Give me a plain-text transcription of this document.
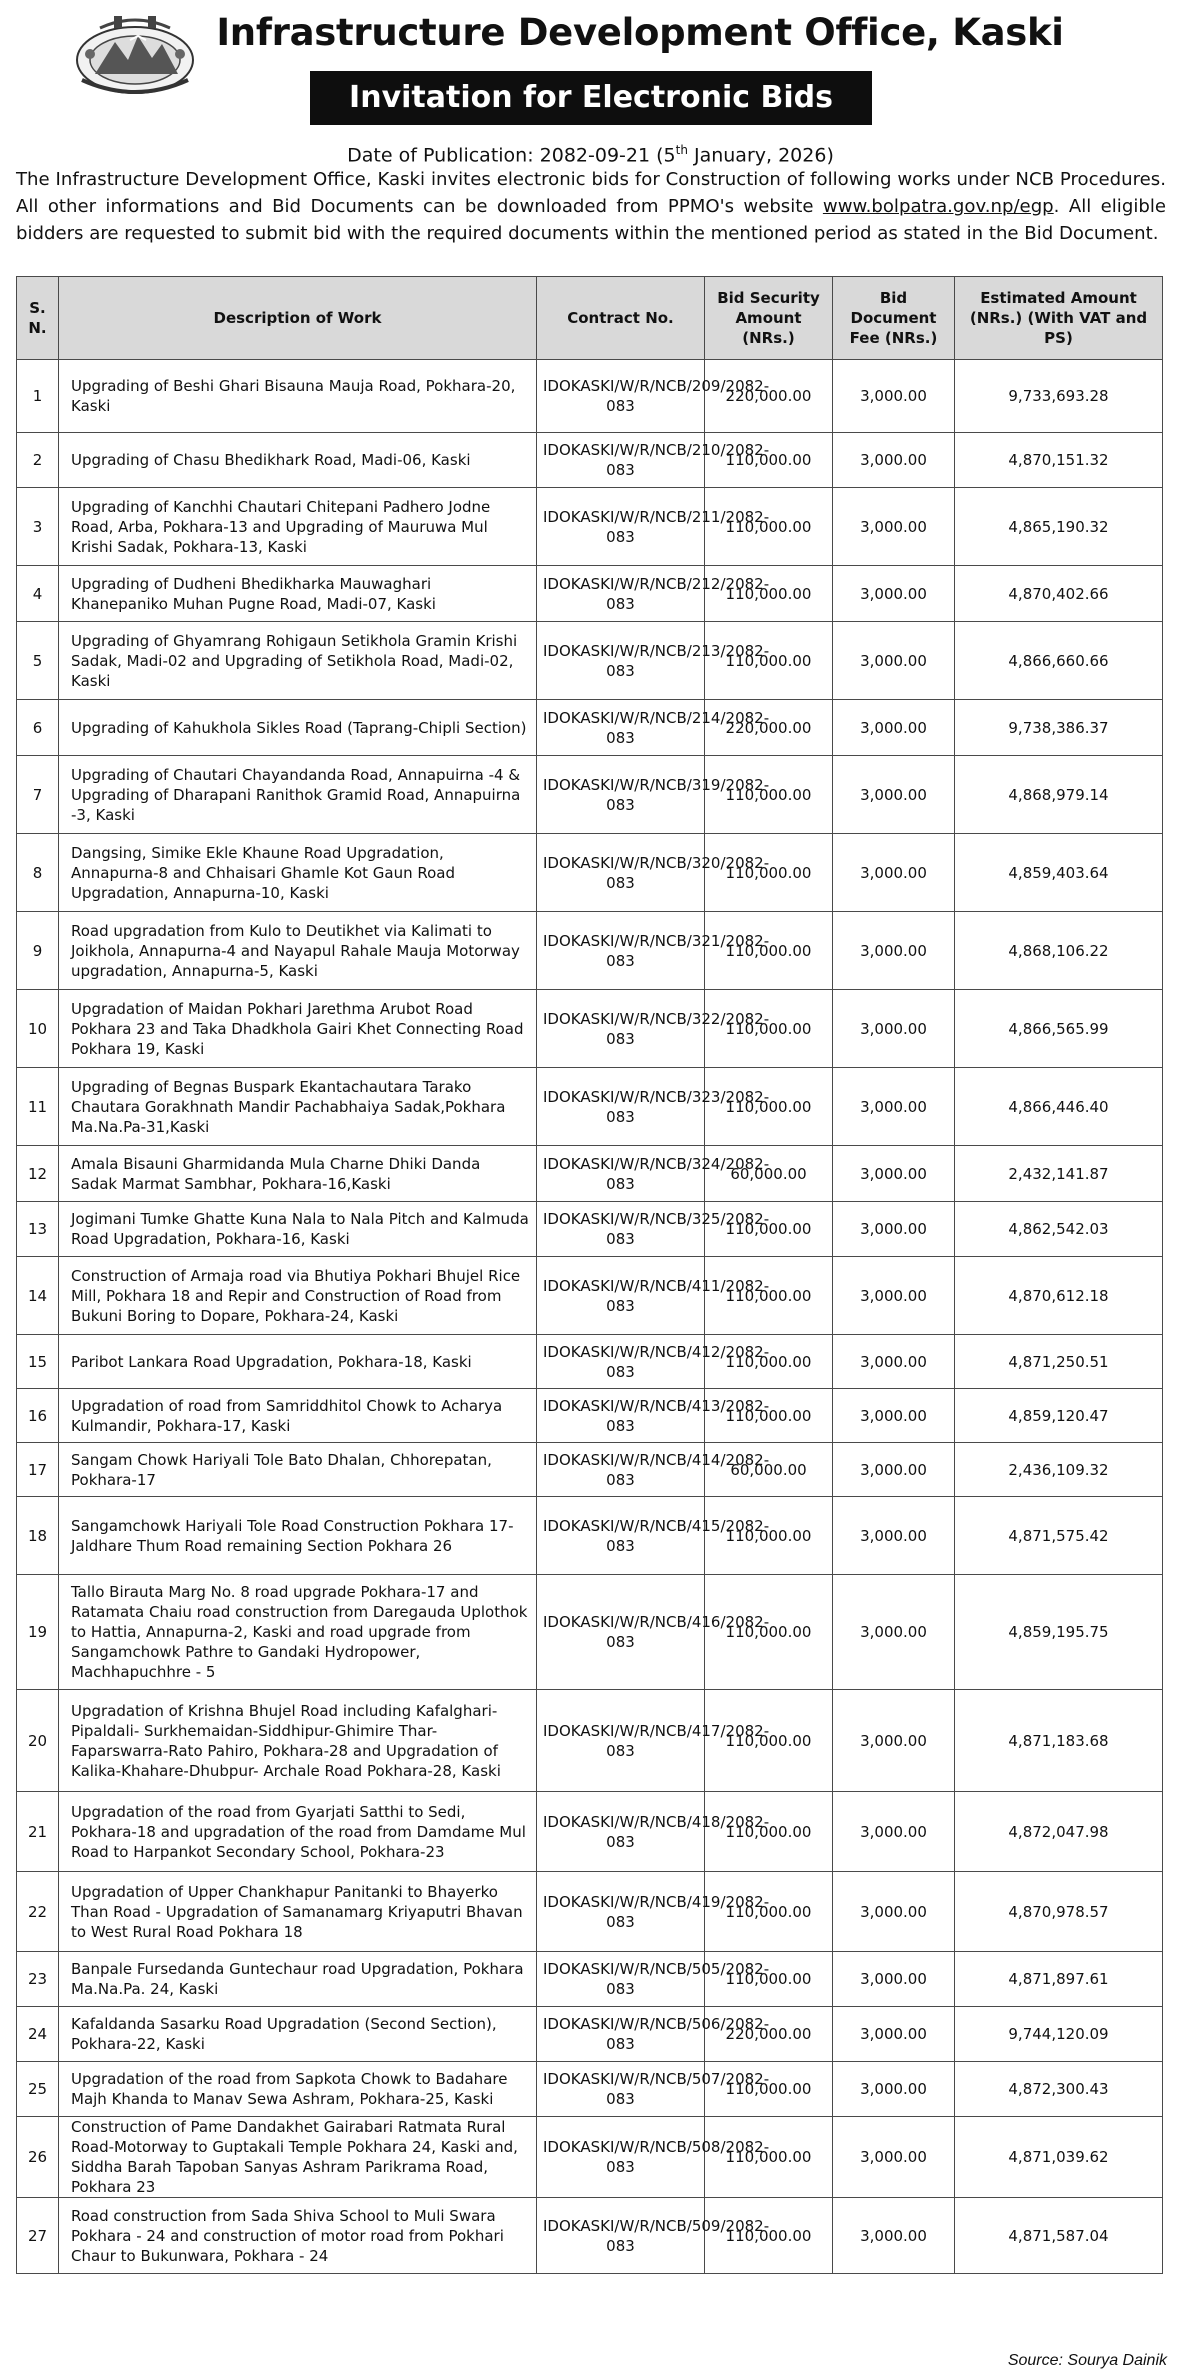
Infrastructure Development Office, Kaski
Invitation for Electronic Bids
Date of Publication: 2082-09-21 (5th January, 2026)
The Infrastructure Development Office, Kaski invites electronic bids for Construction of following works under NCB Procedures. All other informations and Bid Documents can be downloaded from PPMO's website www.bolpatra.gov.np/egp. All eligible bidders are requested to submit bid with the required documents within the mentioned period as stated in the Bid Document.
S. N.	Description of Work	Contract No.	Bid Security Amount (NRs.)	Bid Document Fee (NRs.)	Estimated Amount (NRs.) (With VAT and PS)
1	Upgrading of Beshi Ghari Bisauna Mauja Road, Pokhara-20, Kaski	IDOKASKI/W/R/NCB/209/2082-083	220,000.00	3,000.00	9,733,693.28
2	Upgrading of Chasu Bhedikhark Road, Madi-06, Kaski	IDOKASKI/W/R/NCB/210/2082-083	110,000.00	3,000.00	4,870,151.32
3	Upgrading of Kanchhi Chautari Chitepani Padhero Jodne Road, Arba, Pokhara-13 and Upgrading of Mauruwa Mul Krishi Sadak, Pokhara-13, Kaski	IDOKASKI/W/R/NCB/211/2082-083	110,000.00	3,000.00	4,865,190.32
4	Upgrading of Dudheni Bhedikharka Mauwaghari Khanepaniko Muhan Pugne Road, Madi-07, Kaski	IDOKASKI/W/R/NCB/212/2082-083	110,000.00	3,000.00	4,870,402.66
5	Upgrading of Ghyamrang Rohigaun Setikhola Gramin Krishi Sadak, Madi-02 and Upgrading of Setikhola Road, Madi-02, Kaski	IDOKASKI/W/R/NCB/213/2082-083	110,000.00	3,000.00	4,866,660.66
6	Upgrading of Kahukhola Sikles Road (Taprang-Chipli Section)	IDOKASKI/W/R/NCB/214/2082-083	220,000.00	3,000.00	9,738,386.37
7	Upgrading of Chautari Chayandanda Road, Annapuirna -4 & Upgrading of Dharapani Ranithok Gramid Road, Annapuirna -3, Kaski	IDOKASKI/W/R/NCB/319/2082-083	110,000.00	3,000.00	4,868,979.14
8	Dangsing, Simike Ekle Khaune Road Upgradation, Annapurna-8 and Chhaisari Ghamle Kot Gaun Road Upgradation, Annapurna-10, Kaski	IDOKASKI/W/R/NCB/320/2082-083	110,000.00	3,000.00	4,859,403.64
9	Road upgradation from Kulo to Deutikhet via Kalimati to Joikhola, Annapurna-4 and Nayapul Rahale Mauja Motorway upgradation, Annapurna-5, Kaski	IDOKASKI/W/R/NCB/321/2082-083	110,000.00	3,000.00	4,868,106.22
10	Upgradation of Maidan Pokhari Jarethma Arubot Road Pokhara 23 and Taka Dhadkhola Gairi Khet Connecting Road Pokhara 19, Kaski	IDOKASKI/W/R/NCB/322/2082-083	110,000.00	3,000.00	4,866,565.99
11	Upgrading of Begnas Buspark Ekantachautara Tarako Chautara Gorakhnath Mandir Pachabhaiya Sadak,Pokhara Ma.Na.Pa-31,Kaski	IDOKASKI/W/R/NCB/323/2082-083	110,000.00	3,000.00	4,866,446.40
12	Amala Bisauni Gharmidanda Mula Charne Dhiki Danda Sadak Marmat Sambhar, Pokhara-16,Kaski	IDOKASKI/W/R/NCB/324/2082-083	60,000.00	3,000.00	2,432,141.87
13	Jogimani Tumke Ghatte Kuna Nala to Nala Pitch and Kalmuda Road Upgradation, Pokhara-16, Kaski	IDOKASKI/W/R/NCB/325/2082-083	110,000.00	3,000.00	4,862,542.03
14	Construction of Armaja road via Bhutiya Pokhari Bhujel Rice Mill, Pokhara 18 and Repir and Construction of Road from Bukuni Boring to Dopare, Pokhara-24, Kaski	IDOKASKI/W/R/NCB/411/2082-083	110,000.00	3,000.00	4,870,612.18
15	Paribot Lankara Road Upgradation, Pokhara-18, Kaski	IDOKASKI/W/R/NCB/412/2082-083	110,000.00	3,000.00	4,871,250.51
16	Upgradation of road from Samriddhitol Chowk to Acharya Kulmandir, Pokhara-17, Kaski	IDOKASKI/W/R/NCB/413/2082-083	110,000.00	3,000.00	4,859,120.47
17	Sangam Chowk Hariyali Tole Bato Dhalan, Chhorepatan, Pokhara-17	IDOKASKI/W/R/NCB/414/2082-083	60,000.00	3,000.00	2,436,109.32
18	Sangamchowk Hariyali Tole Road Construction Pokhara 17-Jaldhare Thum Road remaining Section Pokhara 26	IDOKASKI/W/R/NCB/415/2082-083	110,000.00	3,000.00	4,871,575.42
19	Tallo Birauta Marg No. 8 road upgrade Pokhara-17 and Ratamata Chaiu road construction from Daregauda Uplothok to Hattia, Annapurna-2, Kaski and road upgrade from Sangamchowk Pathre to Gandaki Hydropower, Machhapuchhre - 5	IDOKASKI/W/R/NCB/416/2082-083	110,000.00	3,000.00	4,859,195.75
20	Upgradation of Krishna Bhujel Road including Kafalghari-Pipaldali- Surkhemaidan-Siddhipur-Ghimire Thar-Faparswarra-Rato Pahiro, Pokhara-28 and Upgradation of Kalika-Khahare-Dhubpur- Archale Road Pokhara-28, Kaski	IDOKASKI/W/R/NCB/417/2082-083	110,000.00	3,000.00	4,871,183.68
21	Upgradation of the road from Gyarjati Satthi to Sedi, Pokhara-18 and upgradation of the road from Damdame Mul Road to Harpankot Secondary School, Pokhara-23	IDOKASKI/W/R/NCB/418/2082-083	110,000.00	3,000.00	4,872,047.98
22	Upgradation of Upper Chankhapur Panitanki to Bhayerko Than Road - Upgradation of Samanamarg Kriyaputri Bhavan to West Rural Road Pokhara 18	IDOKASKI/W/R/NCB/419/2082-083	110,000.00	3,000.00	4,870,978.57
23	Banpale Fursedanda Guntechaur road Upgradation, Pokhara Ma.Na.Pa. 24, Kaski	IDOKASKI/W/R/NCB/505/2082-083	110,000.00	3,000.00	4,871,897.61
24	Kafaldanda Sasarku Road Upgradation (Second Section), Pokhara-22, Kaski	IDOKASKI/W/R/NCB/506/2082-083	220,000.00	3,000.00	9,744,120.09
25	Upgradation of the road from Sapkota Chowk to Badahare Majh Khanda to Manav Sewa Ashram, Pokhara-25, Kaski	IDOKASKI/W/R/NCB/507/2082-083	110,000.00	3,000.00	4,872,300.43
26	Construction of Pame Dandakhet Gairabari Ratmata Rural Road-Motorway to Guptakali Temple Pokhara 24, Kaski and, Siddha Barah Tapoban Sanyas Ashram Parikrama Road, Pokhara 23	IDOKASKI/W/R/NCB/508/2082-083	110,000.00	3,000.00	4,871,039.62
27	Road construction from Sada Shiva School to Muli Swara Pokhara - 24 and construction of motor road from Pokhari Chaur to Bukunwara, Pokhara - 24	IDOKASKI/W/R/NCB/509/2082-083	110,000.00	3,000.00	4,871,587.04
Source: Sourya Dainik
